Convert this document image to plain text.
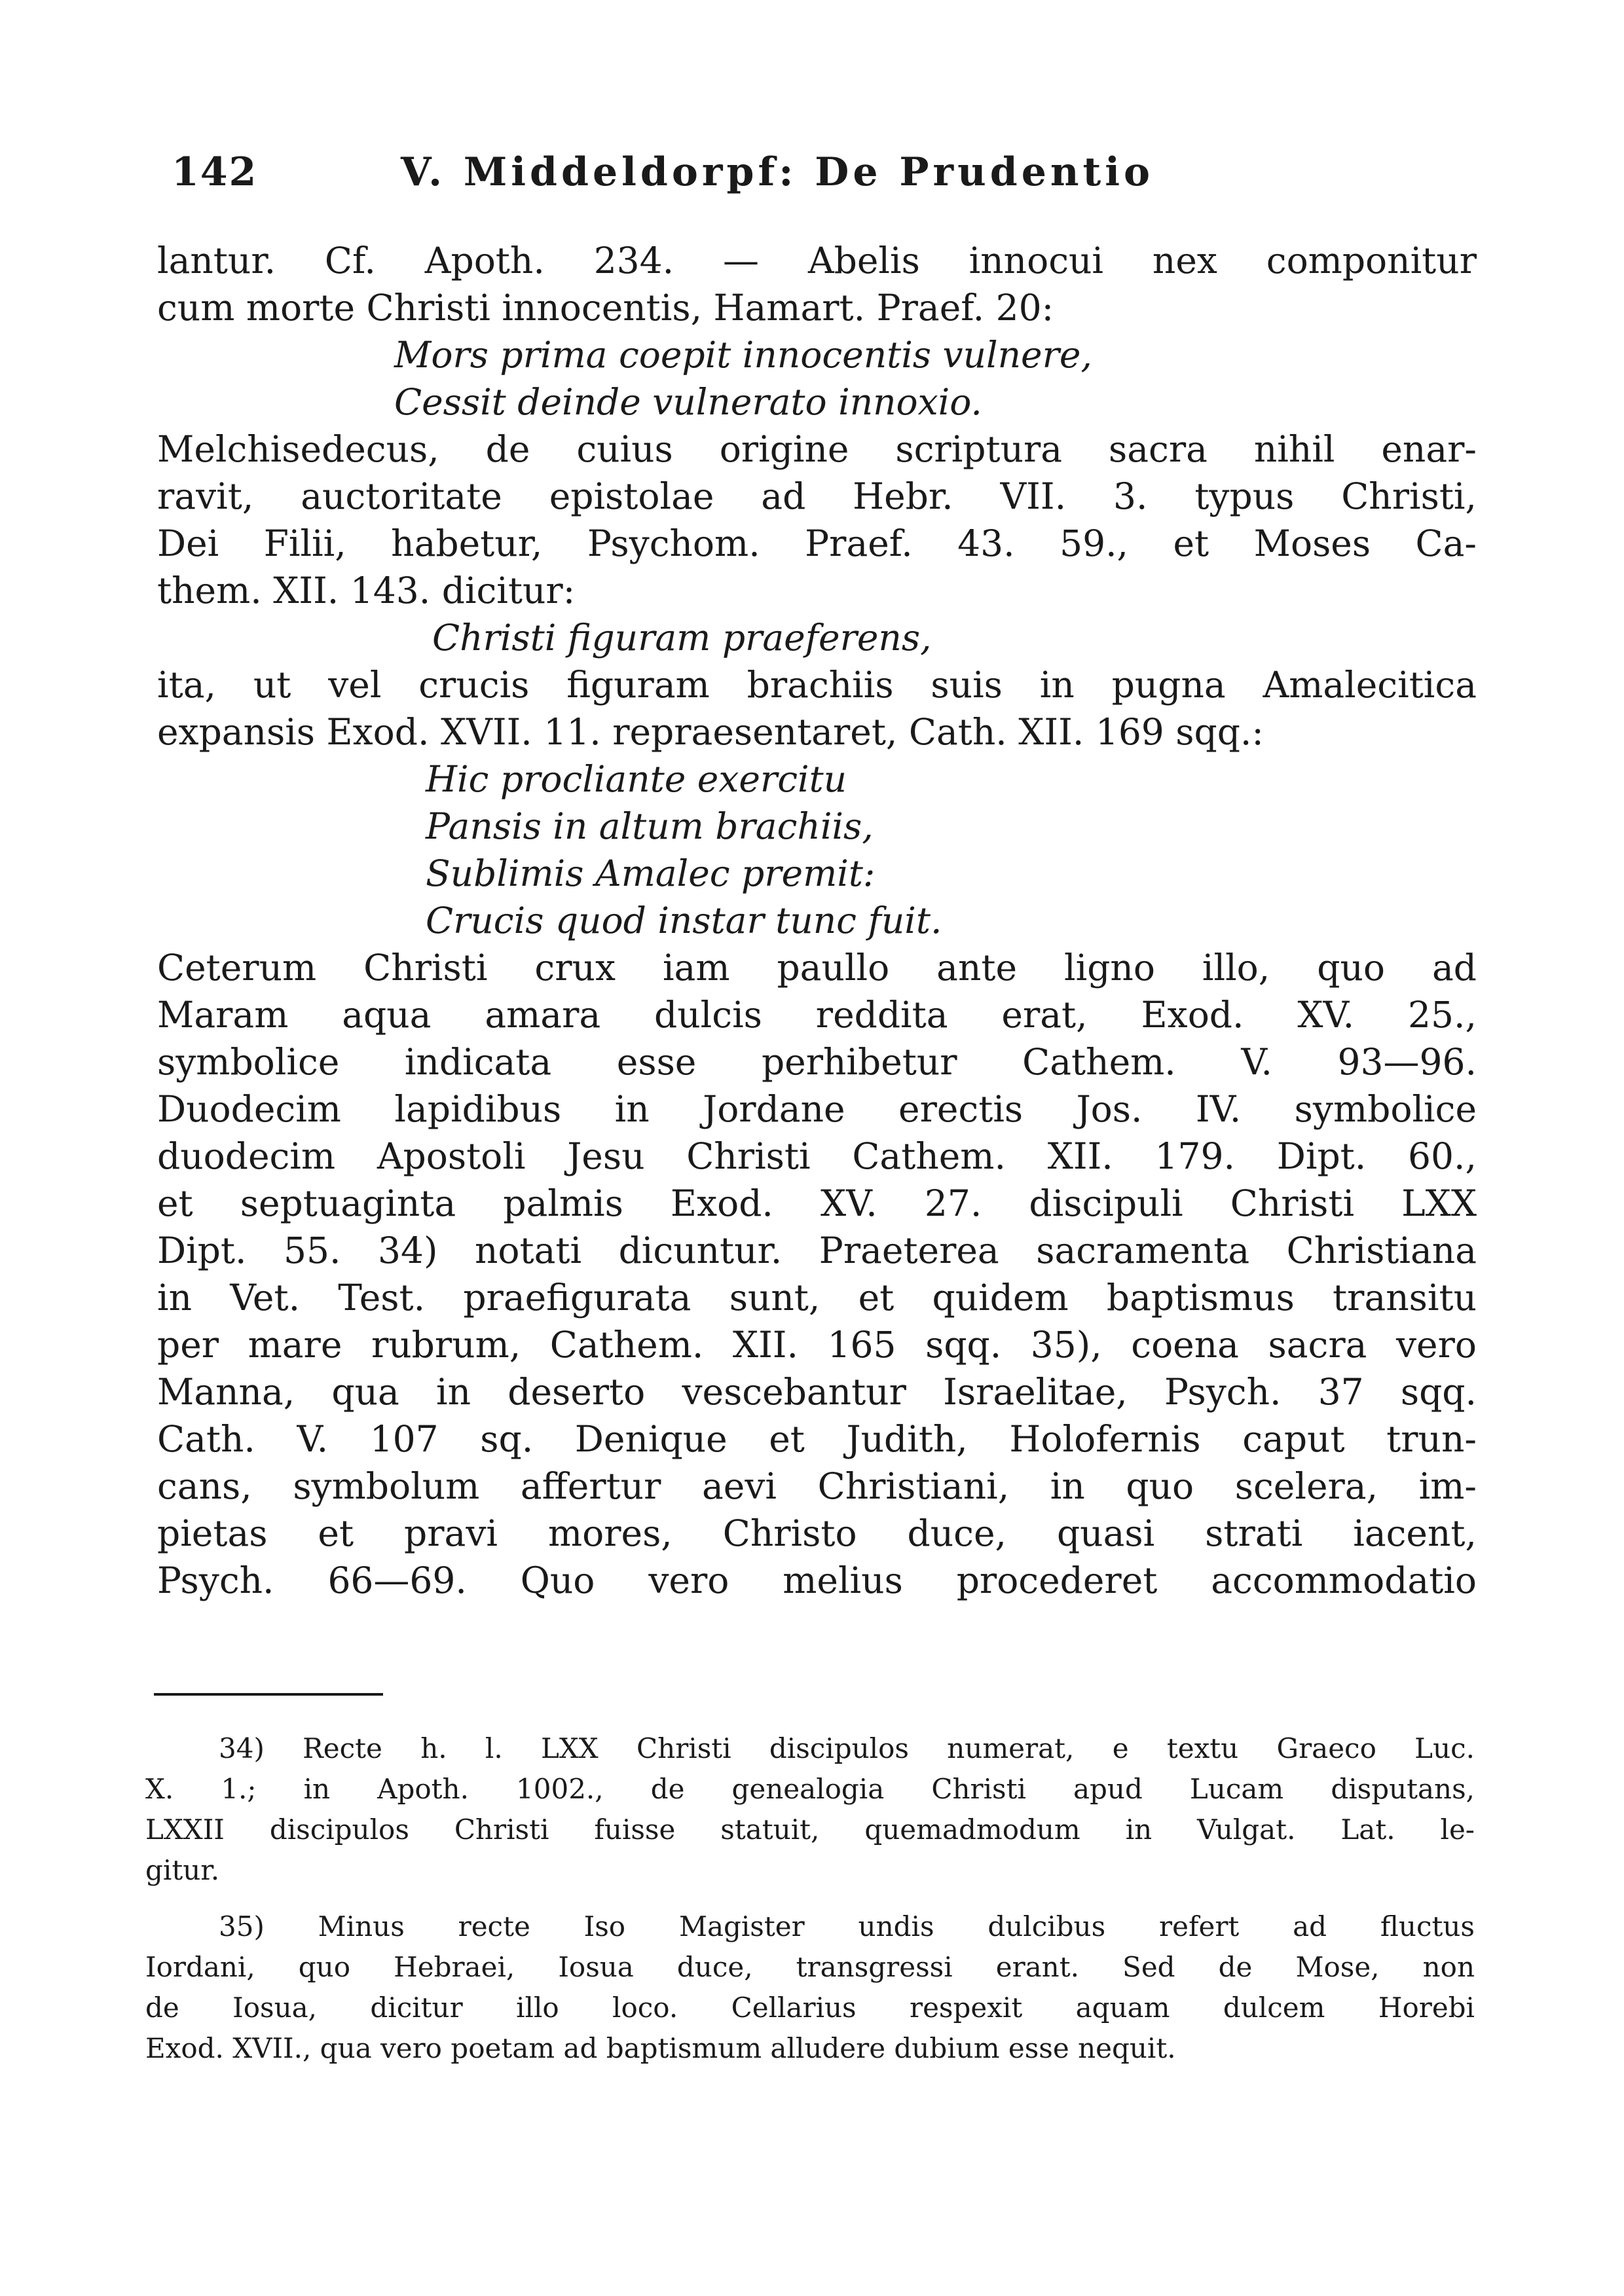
142	V. Middeldorpf: De Prudentio

lantur. Cf. Apoth. 234. — Abelis innocui nex componitur

cum morte Christi innocentis, Hamart. Praef. 20:

Mors prima coepit innocentis vulnere,

Cessit deinde vulnerato innoxio.

Melchisedecus, de cuius origine scriptura sacra nihil enar-

ravit, auctoritate epistolae ad Hebr. VII. 3. typus Christi,

Dei Filii, habetur, Psychom. Praef. 43. 59., et Moses Ca-

them. XII. 143. dicitur:

Christi figuram praeferens,

ita, ut vel crucis figuram brachiis suis in pugna Amalecitica

expansis Exod. XVII. 11. repraesentaret, Cath. XII. 169 sqq.:

Hic procliante exercitu

Pansis in altum brachiis,

Sublimis Amalec premit:

Crucis quod instar tunc fuit.

Ceterum Christi crux iam paullo ante ligno illo, quo ad

Maram aqua amara dulcis reddita erat, Exod. XV. 25.,

symbolice indicata esse perhibetur Cathem. V. 93—96.

Duodecim lapidibus in Jordane erectis Jos. IV. symbolice

duodecim Apostoli Jesu Christi Cathem. XII. 179. Dipt. 60.,

et septuaginta palmis Exod. XV. 27. discipuli Christi LXX

Dipt. 55. 34) notati dicuntur. Praeterea sacramenta Christiana

in Vet. Test. praefigurata sunt, et quidem baptismus transitu

per mare rubrum, Cathem. XII. 165 sqq. 35), coena sacra vero

Manna, qua in deserto vescebantur Israelitae, Psych. 37 sqq.

Cath. V. 107 sq. Denique et Judith, Holofernis caput trun-

cans, symbolum affertur aevi Christiani, in quo scelera, im-

pietas et pravi mores, Christo duce, quasi strati iacent,

Psych. 66—69. Quo vero melius procederet accommodatio

34) Recte h. l. LXX Christi discipulos numerat, e textu Graeco Luc.

X. 1.; in Apoth. 1002., de genealogia Christi apud Lucam disputans,

LXXII discipulos Christi fuisse statuit, quemadmodum in Vulgat. Lat. le-

gitur.

35) Minus recte Iso Magister undis dulcibus refert ad fluctus

Iordani, quo Hebraei, Iosua duce, transgressi erant. Sed de Mose, non

de Iosua, dicitur illo loco. Cellarius respexit aquam dulcem Horebi

Exod. XVII., qua vero poetam ad baptismum alludere dubium esse nequit.
